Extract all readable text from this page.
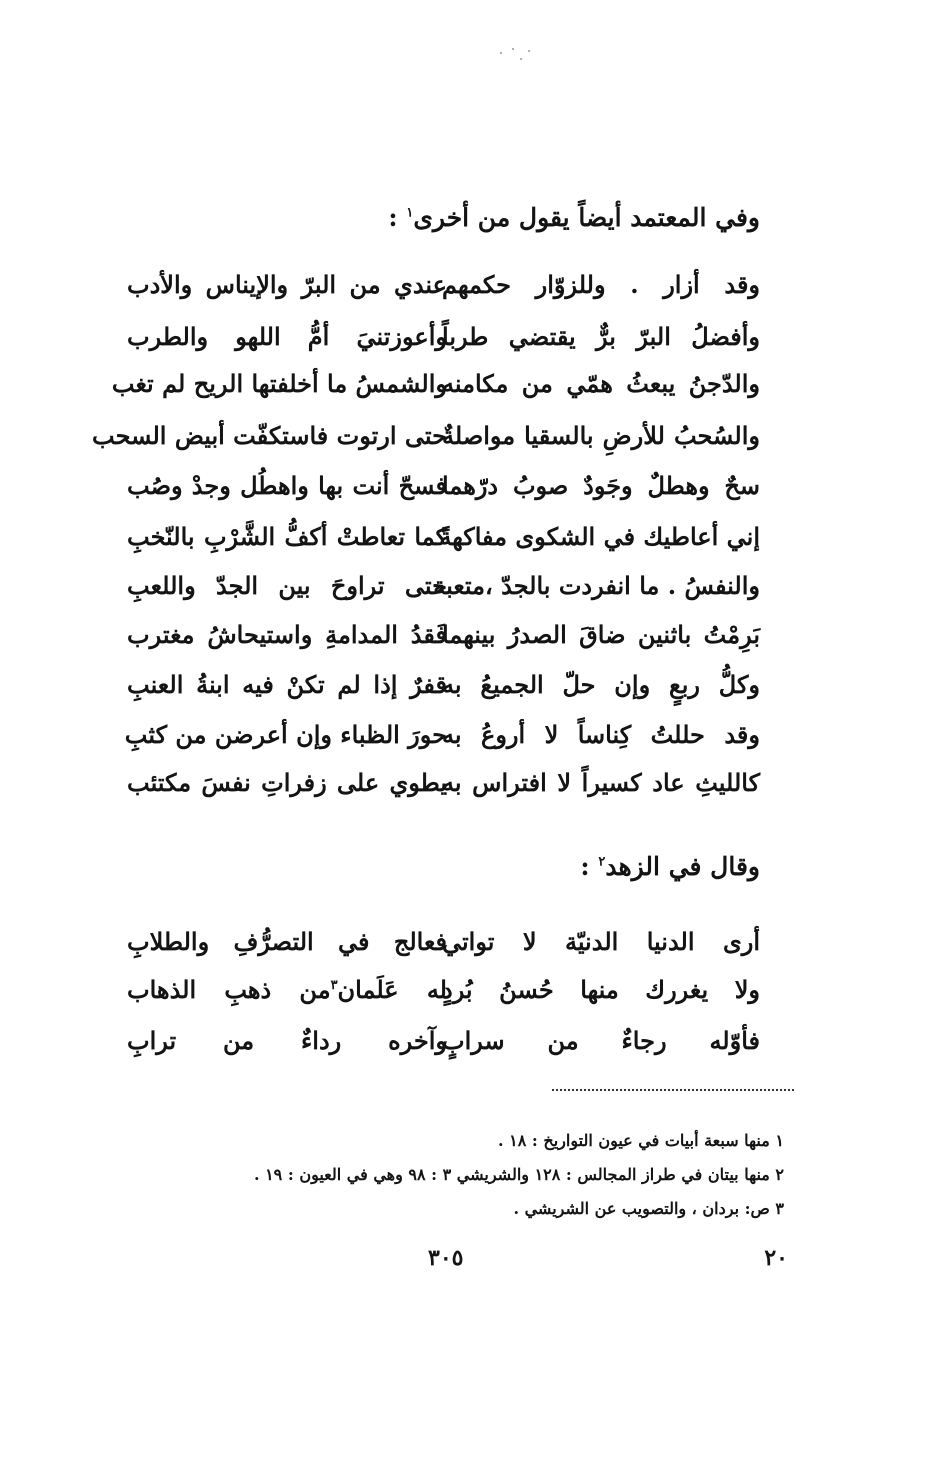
وفي المعتمد أيضاً يقول من أخرى$^١$ :
وقد أزار . وللزوّار حكمهم
عندي من البرّ والإيناس والأدب
وأفضلُ البرّ برٌّ يقتضي طرباً
وأعوزتنيَ أمُّ اللهو والطرب
والدّجنُ يبعثُ همّي من مكامنه
والشمسُ ما أخلفتها الريح لم تغب
والسُحبُ للأرضِ بالسقيا مواصلةٌ
حتى ارتوت فاستكفّت أبيض السحب
سحٌ وهطلٌ وجَودٌ صوبُ درّهما
فسحّ أنت بها واهطُل وجدْ وصُب
إني أعاطيك في الشكوى مفاكهةً
كما تعاطتْ أكفُّ الشَّرْبِ بالنّخبِ
والنفسُ . ما انفردت بالجدّ ،متعبة
حتى تراوحَ بين الجدّ واللعبِ
بَرِمْتُ باثنين ضاقَ الصدرُ بينهما
فَقدُ المدامةِ واستيحاشُ مغترب
وكلُّ ربعٍ وإن حلّ الجميعُ به
قفرٌ إذا لم تكنْ فيه ابنةُ العنبِ
وقد حللتُ كِناساً لا أروعُ به
حورَ الظباء وإن أعرضن من كثبِ
كالليثِ عاد كسيراً لا افتراس به
يطوي على زفراتِ نفسَ مكتئب
وقال في الزهد$^٢$ :
أرى الدنيا الدنيّة لا تواتي
فعالج في التصرُّفِ والطلابِ
ولا يغررك منها حُسنُ بُردٍ
له عَلَمان$^٣$من ذهبِ الذهاب
فأوّله رجاءٌ من سرابٍ
وآخره رداءٌ من ترابِ
١ منها سبعة أبيات في عيون التواريخ : ١٨ .
٢ منها بيتان في طراز المجالس : ١٢٨ والشريشي ٣ : ٩٨ وهي في العيون : ١٩ .
٣ ص: بردان ، والتصويب عن الشريشي .
٣٠٥	٢٠
